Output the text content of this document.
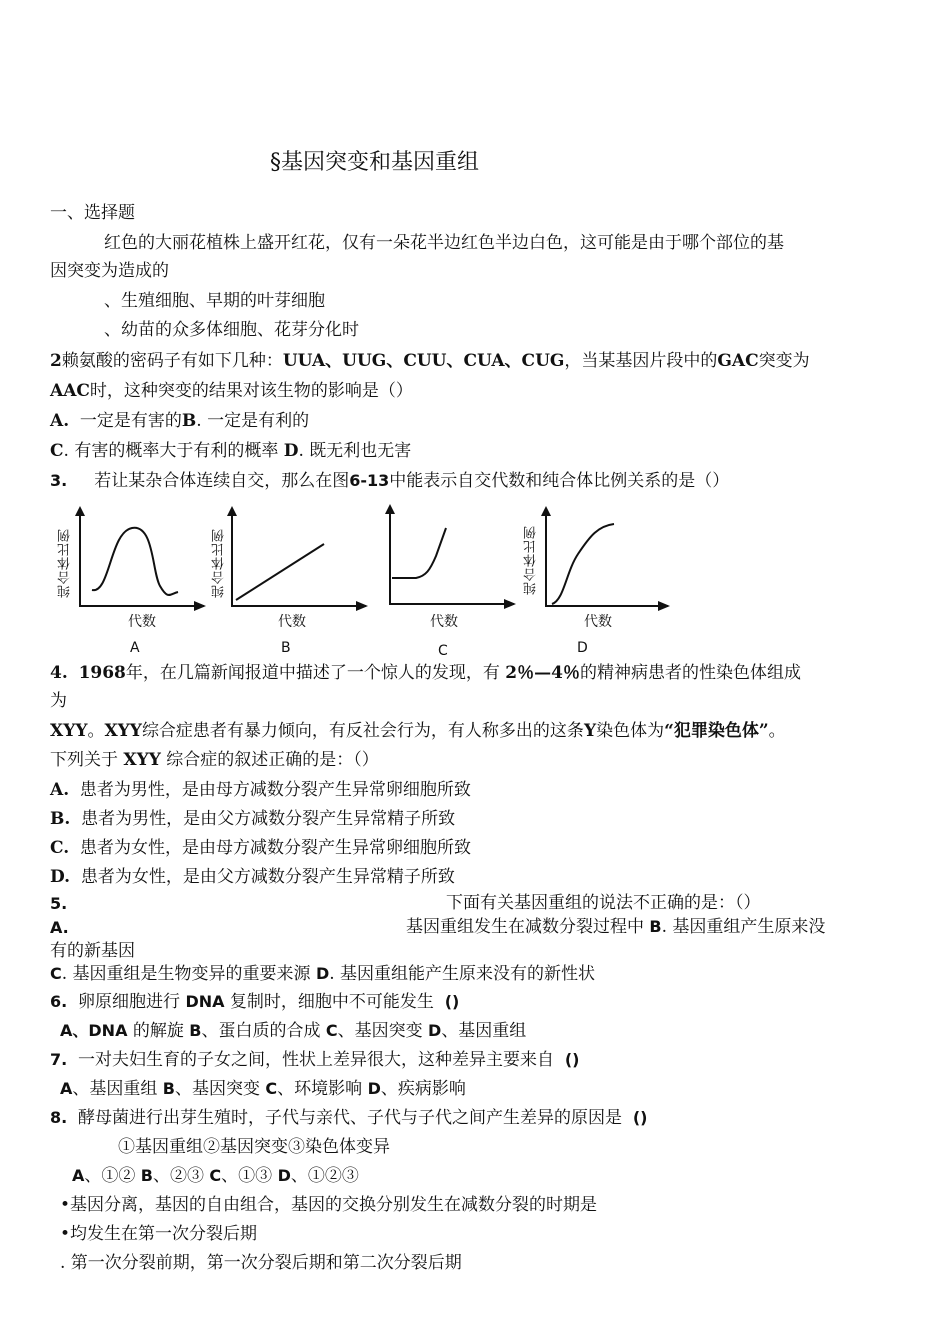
§基因突变和基因重组
一、选择题
红色的大丽花植株上盛开红花，仅有一朵花半边红色半边白色，这可能是由于哪个部位的基
因突变为造成的
、生殖细胞、早期的叶芽细胞
、幼苗的众多体细胞、花芽分化时
2赖氨酸的密码子有如下几种：UUA、UUG、CUU、CUA、CUG，当某基因片段中的GAC突变为
AAC时，这种突变的结果对该生物的影响是（）
A. 一定是有害的B. 一定是有利的
C. 有害的概率大于有利的概率 D. 既无利也无害
3. 若让某杂合体连续自交，那么在图6-13中能表示自交代数和纯合体比例关系的是（）
纯合体比例
代数
A
纯合体比例
代数
B
代数
C
纯合体比例
代数
D
4. 1968年，在几篇新闻报道中描述了一个惊人的发现，有 2％—4％的精神病患者的性染色体组成
为
XYY。XYY综合症患者有暴力倾向，有反社会行为，有人称多出的这条Y染色体为“犯罪染色体”。
下列关于 XYY 综合症的叙述正确的是：（）
A. 患者为男性，是由母方减数分裂产生异常卵细胞所致
B. 患者为男性，是由父方减数分裂产生异常精子所致
C. 患者为女性，是由母方减数分裂产生异常卵细胞所致
D. 患者为女性，是由父方减数分裂产生异常精子所致
5.	下面有关基因重组的说法不正确的是：（）
A.	基因重组发生在减数分裂过程中 B. 基因重组产生原来没
有的新基因
C. 基因重组是生物变异的重要来源 D. 基因重组能产生原来没有的新性状
6. 卵原细胞进行 DNA 复制时，细胞中不可能发生 ()
A、DNA 的解旋 B、蛋白质的合成 C、基因突变 D、基因重组
7. 一对夫妇生育的子女之间，性状上差异很大，这种差异主要来自 ()
A、基因重组 B、基因突变 C、环境影响 D、疾病影响
8. 酵母菌进行出芽生殖时，子代与亲代、子代与子代之间产生差异的原因是 ()
①基因重组②基因突变③染色体变异
A、①② B、②③ C、①③ D、①②③
•基因分离，基因的自由组合，基因的交换分别发生在减数分裂的时期是
•均发生在第一次分裂后期
. 第一次分裂前期，第一次分裂后期和第二次分裂后期
